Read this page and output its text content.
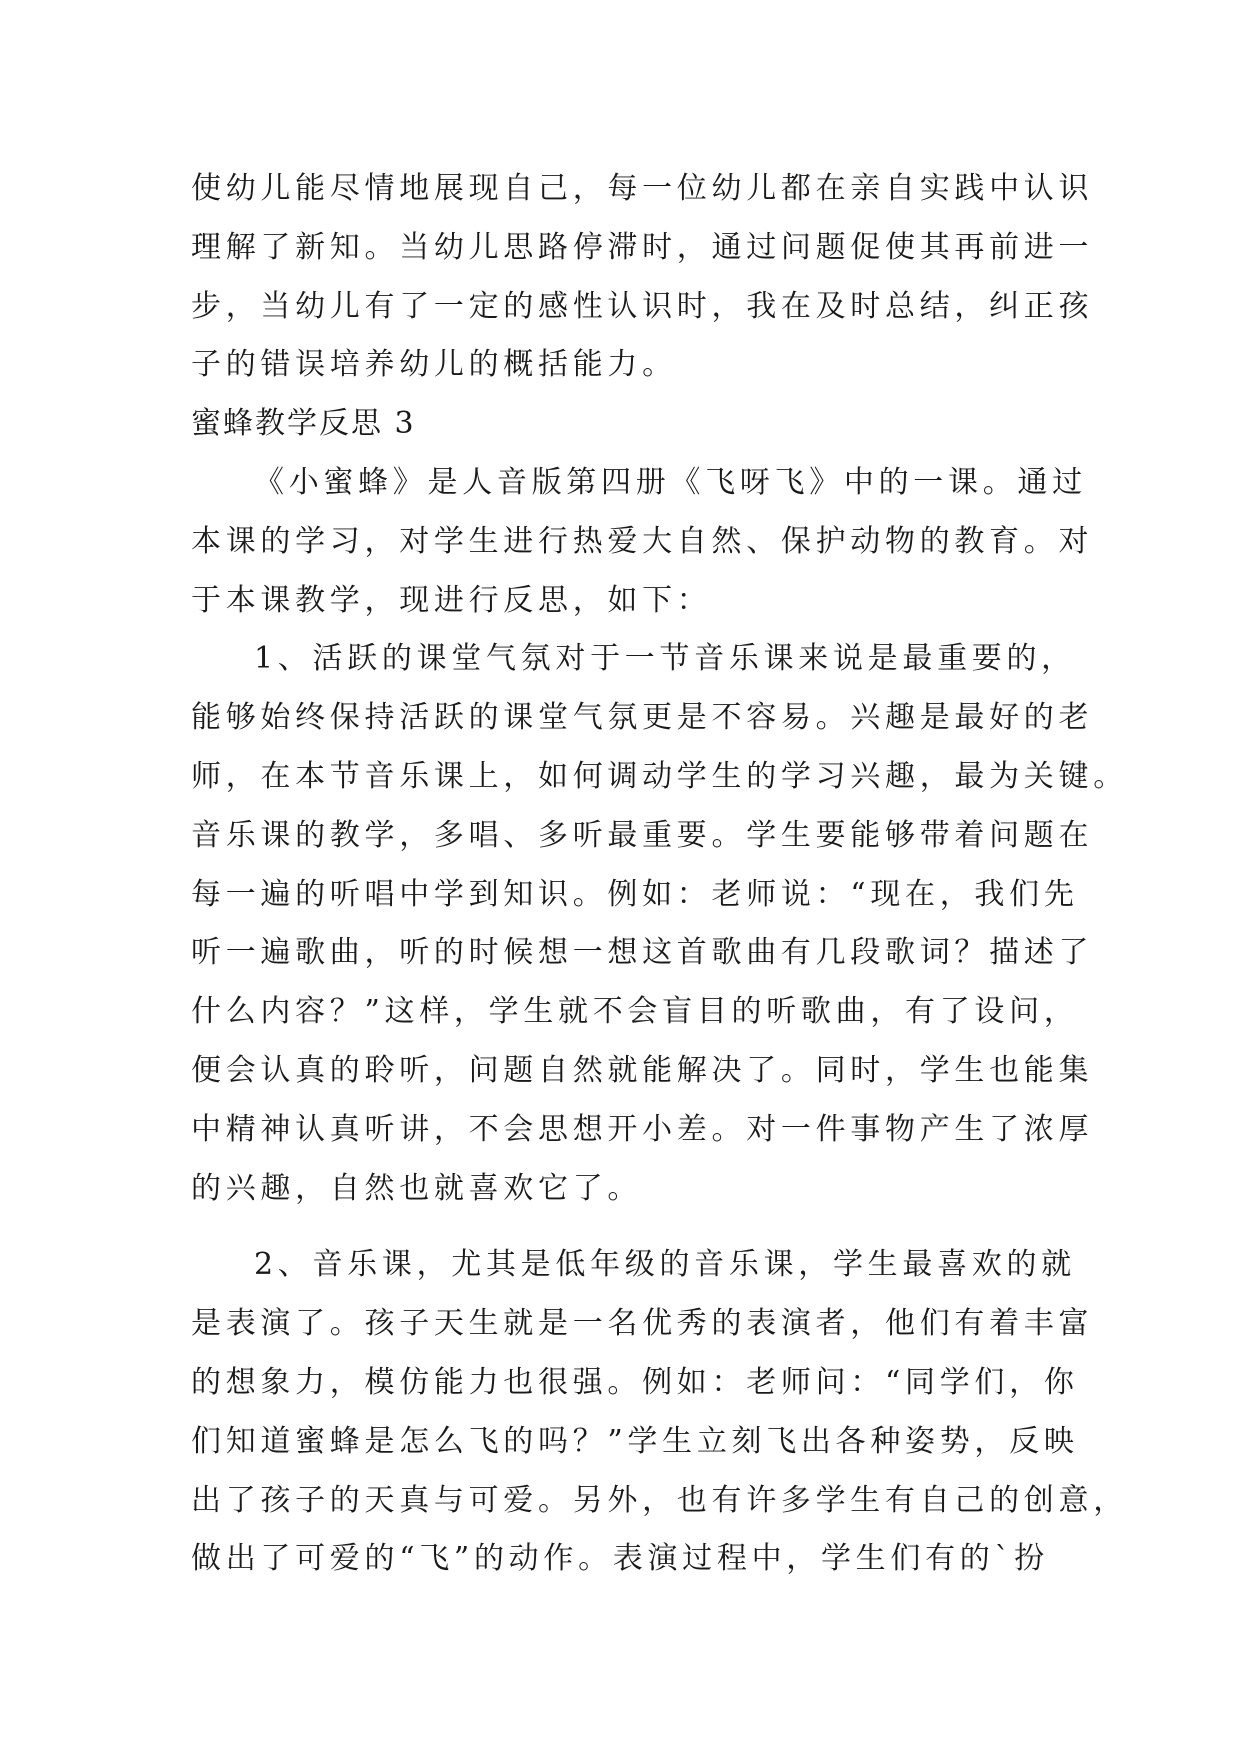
使幼儿能尽情地展现自己，每一位幼儿都在亲自实践中认识
理解了新知。当幼儿思路停滞时，通过问题促使其再前进一
步，当幼儿有了一定的感性认识时，我在及时总结，纠正孩
子的错误培养幼儿的概括能力。
蜜蜂教学反思 3
《小蜜蜂》是人音版第四册《飞呀飞》中的一课。通过
本课的学习，对学生进行热爱大自然、保护动物的教育。对
于本课教学，现进行反思，如下：
1、活跃的课堂气氛对于一节音乐课来说是最重要的，
能够始终保持活跃的课堂气氛更是不容易。兴趣是最好的老
师，在本节音乐课上，如何调动学生的学习兴趣，最为关键。
音乐课的教学，多唱、多听最重要。学生要能够带着问题在
每一遍的听唱中学到知识。例如：老师说：“现在，我们先
听一遍歌曲，听的时候想一想这首歌曲有几段歌词？描述了
什么内容？”这样，学生就不会盲目的听歌曲，有了设问，
便会认真的聆听，问题自然就能解决了。同时，学生也能集
中精神认真听讲，不会思想开小差。对一件事物产生了浓厚
的兴趣，自然也就喜欢它了。
2、音乐课，尤其是低年级的音乐课，学生最喜欢的就
是表演了。孩子天生就是一名优秀的表演者，他们有着丰富
的想象力，模仿能力也很强。例如：老师问：“同学们，你
们知道蜜蜂是怎么飞的吗？”学生立刻飞出各种姿势，反映
出了孩子的天真与可爱。另外，也有许多学生有自己的创意，
做出了可爱的“飞”的动作。表演过程中，学生们有的`扮
